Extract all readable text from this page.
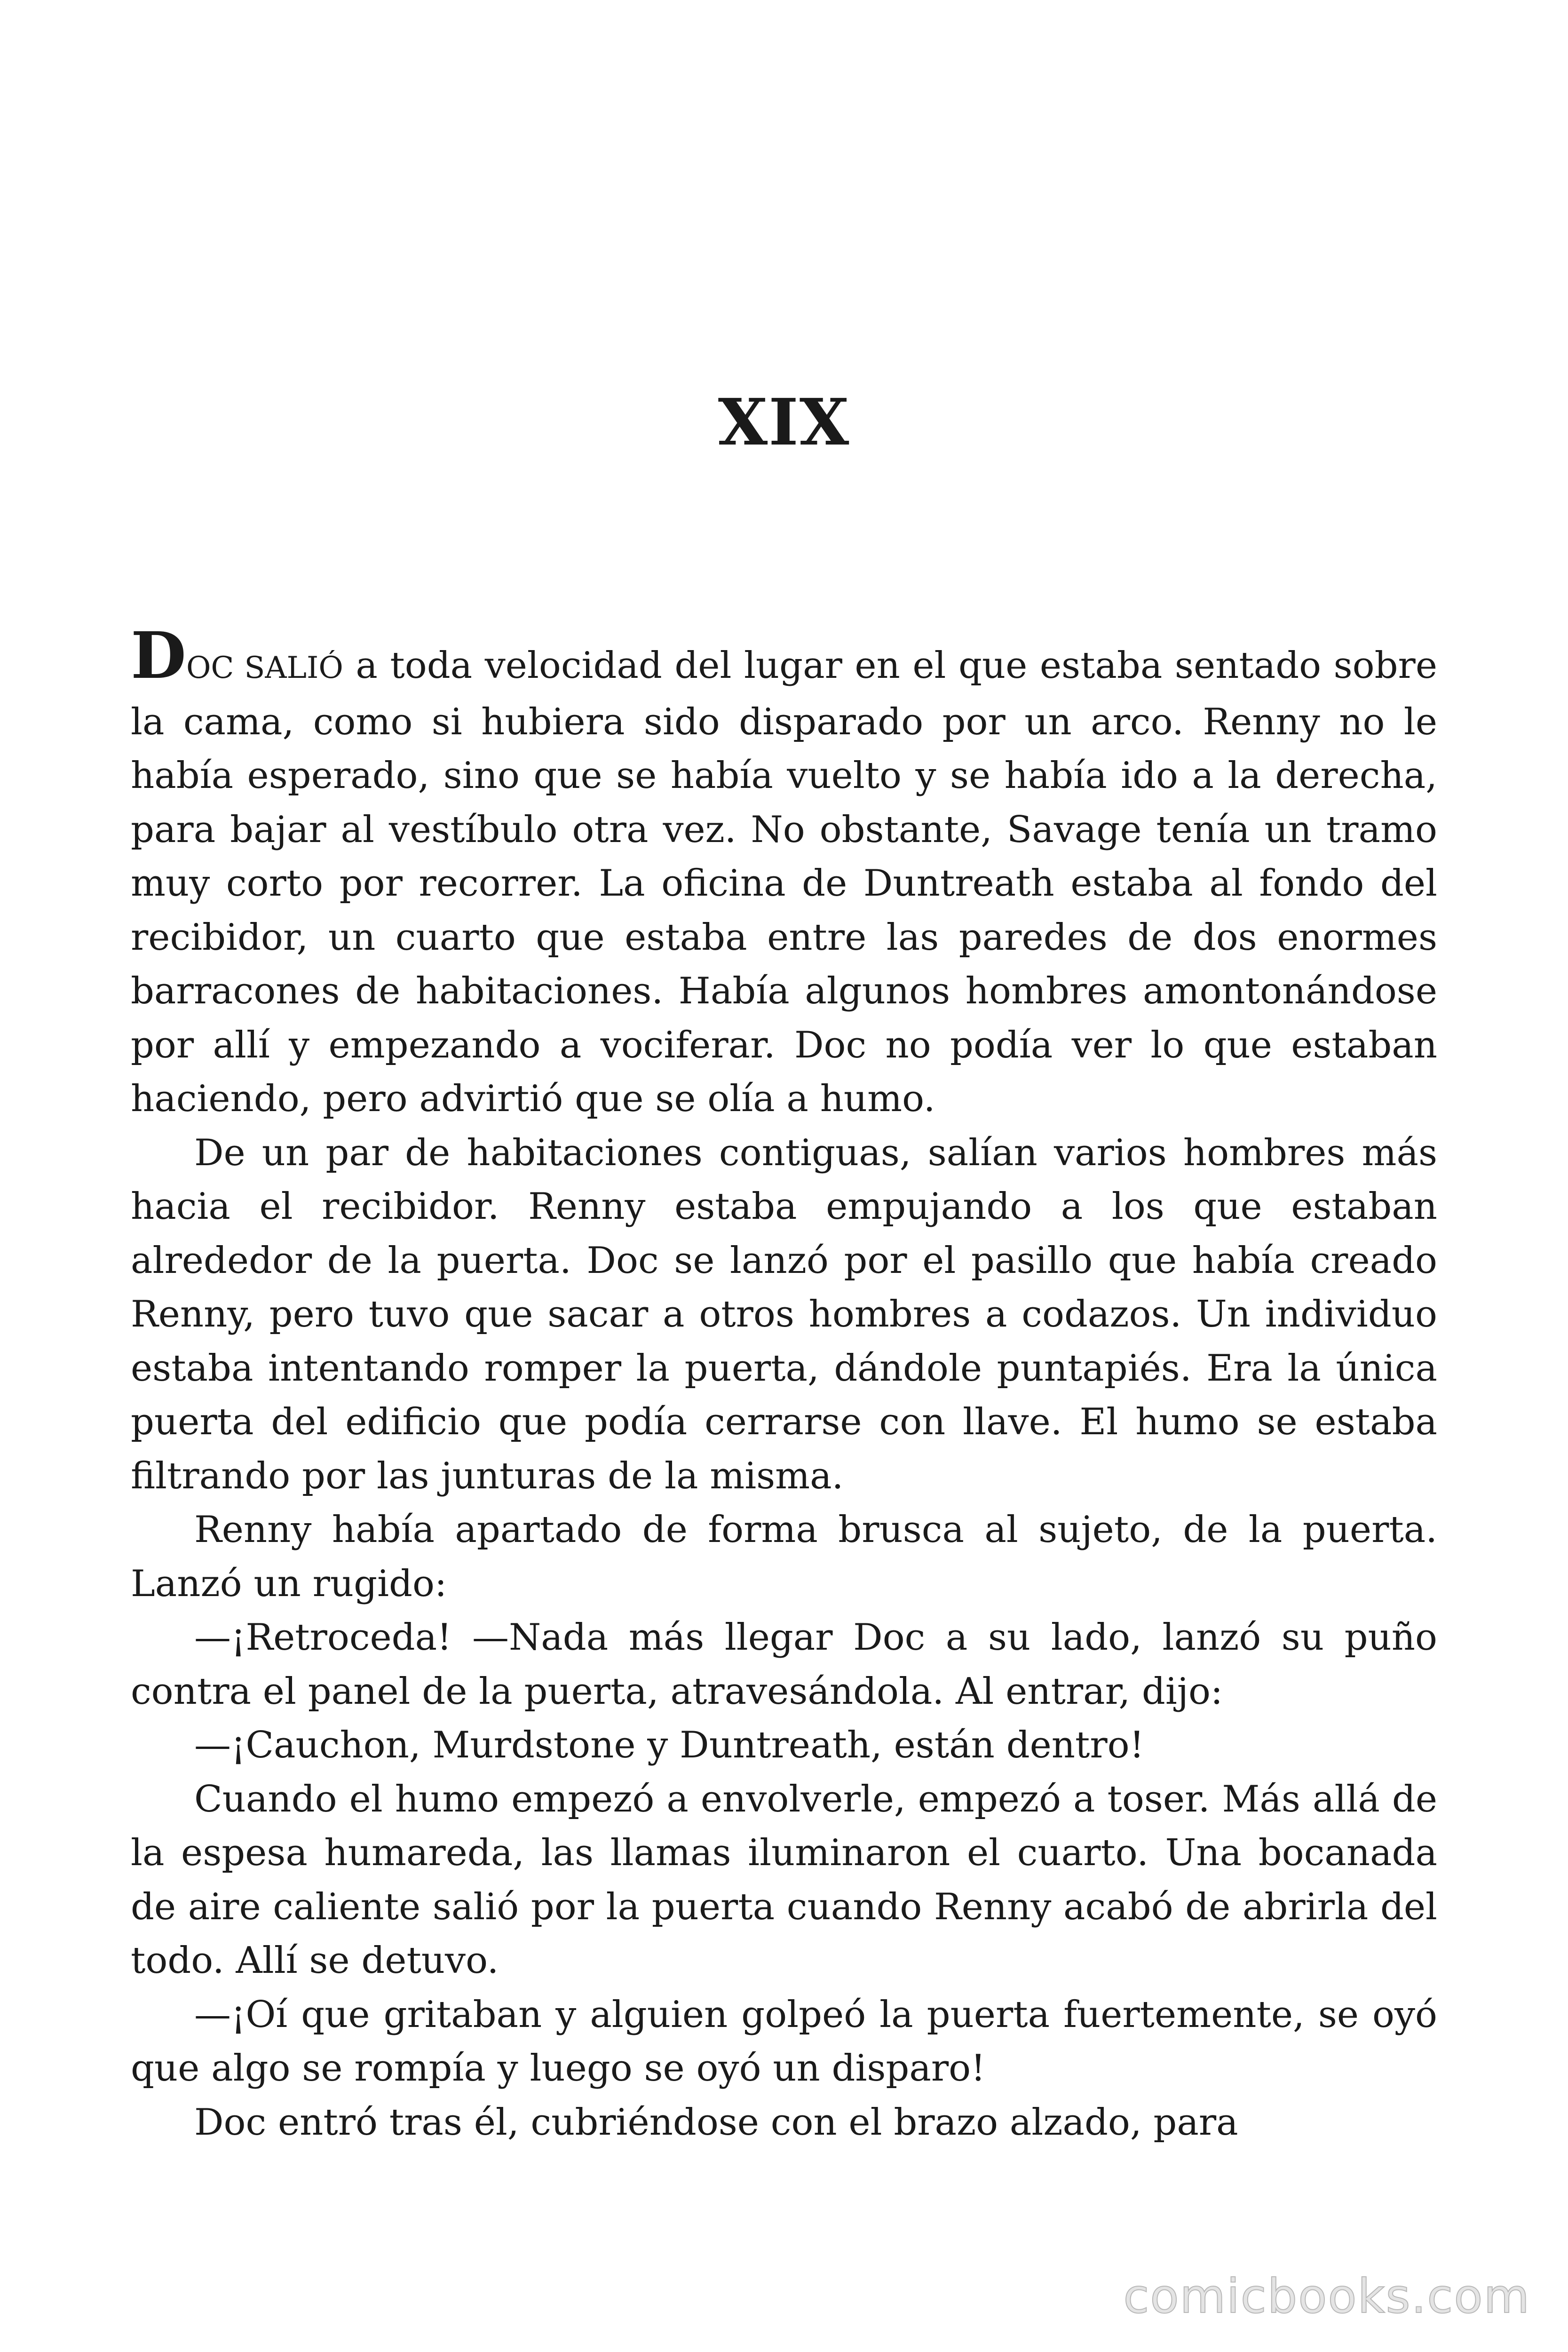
XIX

DOC SALIÓ a toda velocidad del lugar en el que estaba sentado sobre la cama, como si hubiera sido disparado por un arco. Renny no le había esperado, sino que se había vuelto y se había ido a la derecha, para bajar al vestíbulo otra vez. No obstante, Savage tenía un tramo muy corto por recorrer. La oficina de Duntreath estaba al fondo del recibidor, un cuarto que estaba entre las paredes de dos enormes barracones de habitaciones. Había algunos hombres amontonándose por allí y empezando a vociferar. Doc no podía ver lo que estaban haciendo, pero advirtió que se olía a humo.

De un par de habitaciones contiguas, salían varios hombres más hacia el recibidor. Renny estaba empujando a los que estaban alrededor de la puerta. Doc se lanzó por el pasillo que había creado Renny, pero tuvo que sacar a otros hombres a codazos. Un individuo estaba intentando romper la puerta, dándole puntapiés. Era la única puerta del edificio que podía cerrarse con llave. El humo se estaba filtrando por las junturas de la misma.

Renny había apartado de forma brusca al sujeto, de la puerta. Lanzó un rugido:

—¡Retroceda! —Nada más llegar Doc a su lado, lanzó su puño contra el panel de la puerta, atravesándola. Al entrar, dijo:

—¡Cauchon, Murdstone y Duntreath, están dentro!

Cuando el humo empezó a envolverle, empezó a toser. Más allá de la espesa humareda, las llamas iluminaron el cuarto. Una bocanada de aire caliente salió por la puerta cuando Renny acabó de abrirla del todo. Allí se detuvo.

—¡Oí que gritaban y alguien golpeó la puerta fuertemente, se oyó que algo se rompía y luego se oyó un disparo!

Doc entró tras él, cubriéndose con el brazo alzado, para

comicbooks.com
